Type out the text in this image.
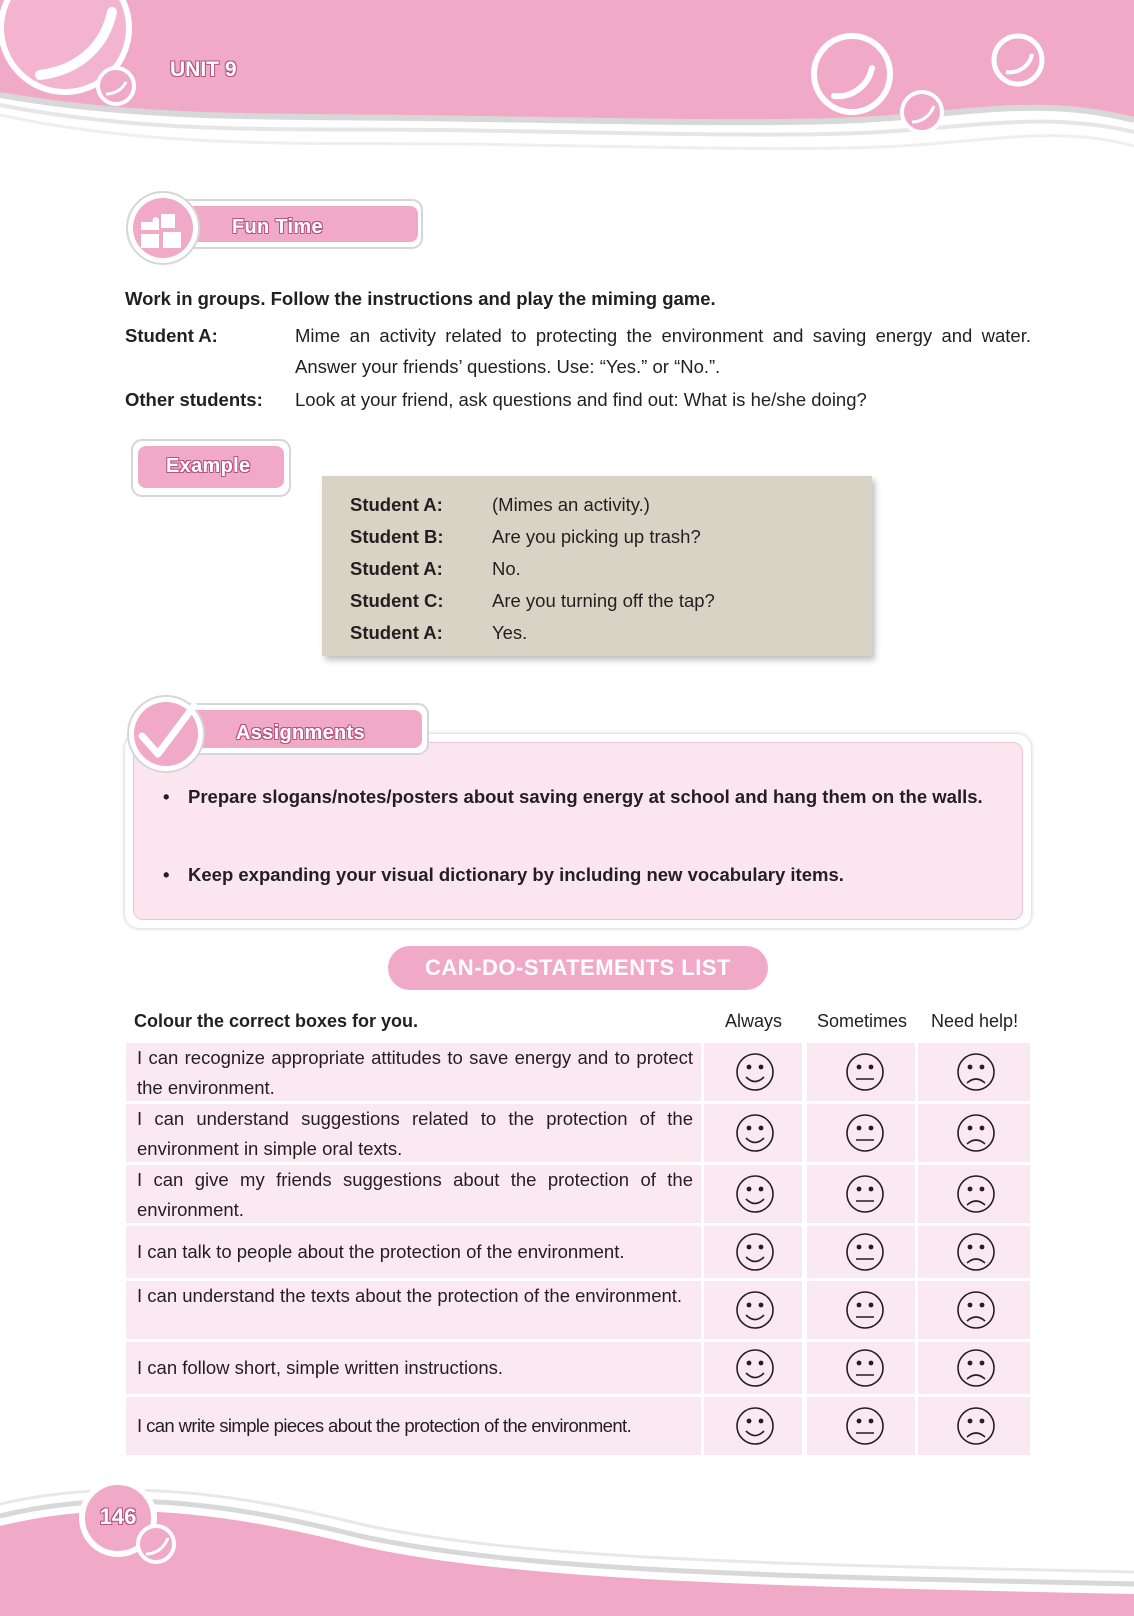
UNIT 9
Fun Time
Work in groups. Follow the instructions and play the miming game.
Student A:	Mime an activity related to protecting the environment and saving energy and water. Answer your friends’ questions. Use: “Yes.” or “No.”.
Other students: Look at your friend, ask questions and find out: What is he/she doing?
Example
Student A:	(Mimes an activity.)
Student B:	Are you picking up trash?
Student A:	No.
Student C:	Are you turning off the tap?
Student A:	Yes.
• Prepare slogans/notes/posters about saving energy at school and hang them on the walls.
• Keep expanding your visual dictionary by including new vocabulary items.
Assignments
CAN-DO-STATEMENTS LIST
Colour the correct boxes for you.	Always Sometimes Need help!
I can recognize appropriate attitudes to save energy and to protect the environment.
I can understand suggestions related to the protection of the environment in simple oral texts.
I can give my friends suggestions about the protection of the environment.
I can talk to people about the protection of the environment.
I can understand the texts about the protection of the environment.
I can follow short, simple written instructions.
I can write simple pieces about the protection of the environment.
146
